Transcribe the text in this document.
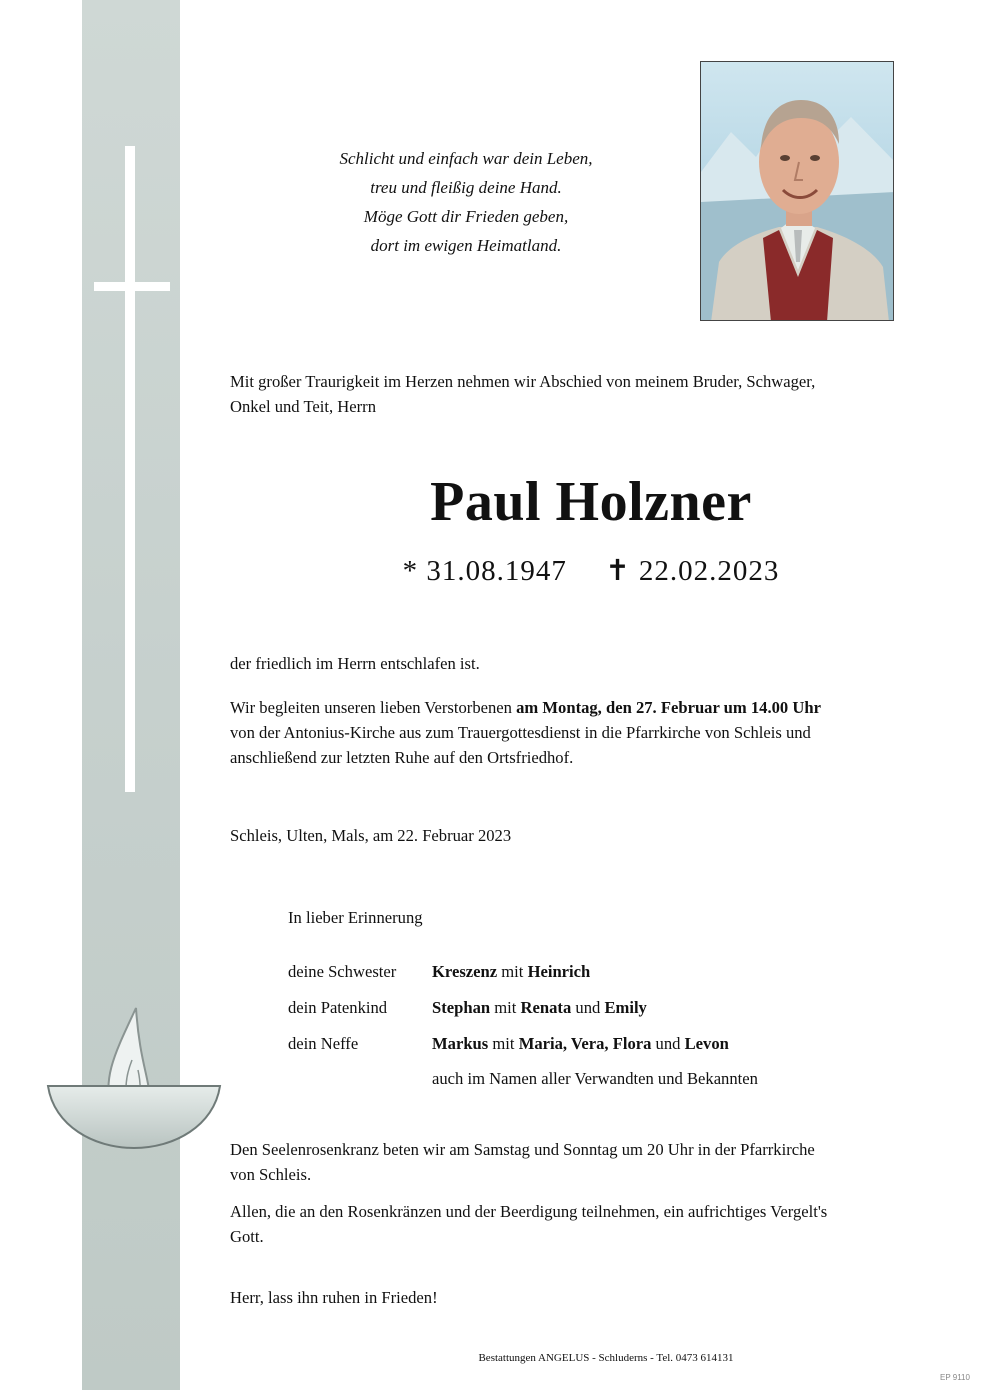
Schlicht und einfach war dein Leben,
treu und fleißig deine Hand.
Möge Gott dir Frieden geben,
dort im ewigen Heimatland.
Mit großer Traurigkeit im Herzen nehmen wir Abschied von meinem Bruder, Schwager,
Onkel und Teit, Herrn
Paul Holzner
* 31.08.1947 ✝ 22.02.2023
der friedlich im Herrn entschlafen ist.
Wir begleiten unseren lieben Verstorbenen am Montag, den 27. Februar um 14.00 Uhr
von der Antonius-Kirche aus zum Trauergottesdienst in die Pfarrkirche von Schleis und
anschließend zur letzten Ruhe auf den Ortsfriedhof.
Schleis, Ulten, Mals, am 22. Februar 2023
In lieber Erinnerung
deine Schwester Kreszenz mit Heinrich
dein Patenkind	Stephan mit Renata und Emily
dein Neffe	Markus mit Maria, Vera, Flora und Levon
auch im Namen aller Verwandten und Bekannten
Den Seelenrosenkranz beten wir am Samstag und Sonntag um 20 Uhr in der Pfarrkirche
von Schleis.
Allen, die an den Rosenkränzen und der Beerdigung teilnehmen, ein aufrichtiges Vergelt's
Gott.
Herr, lass ihn ruhen in Frieden!
Bestattungen ANGELUS - Schluderns - Tel. 0473 614131
EP 9110
